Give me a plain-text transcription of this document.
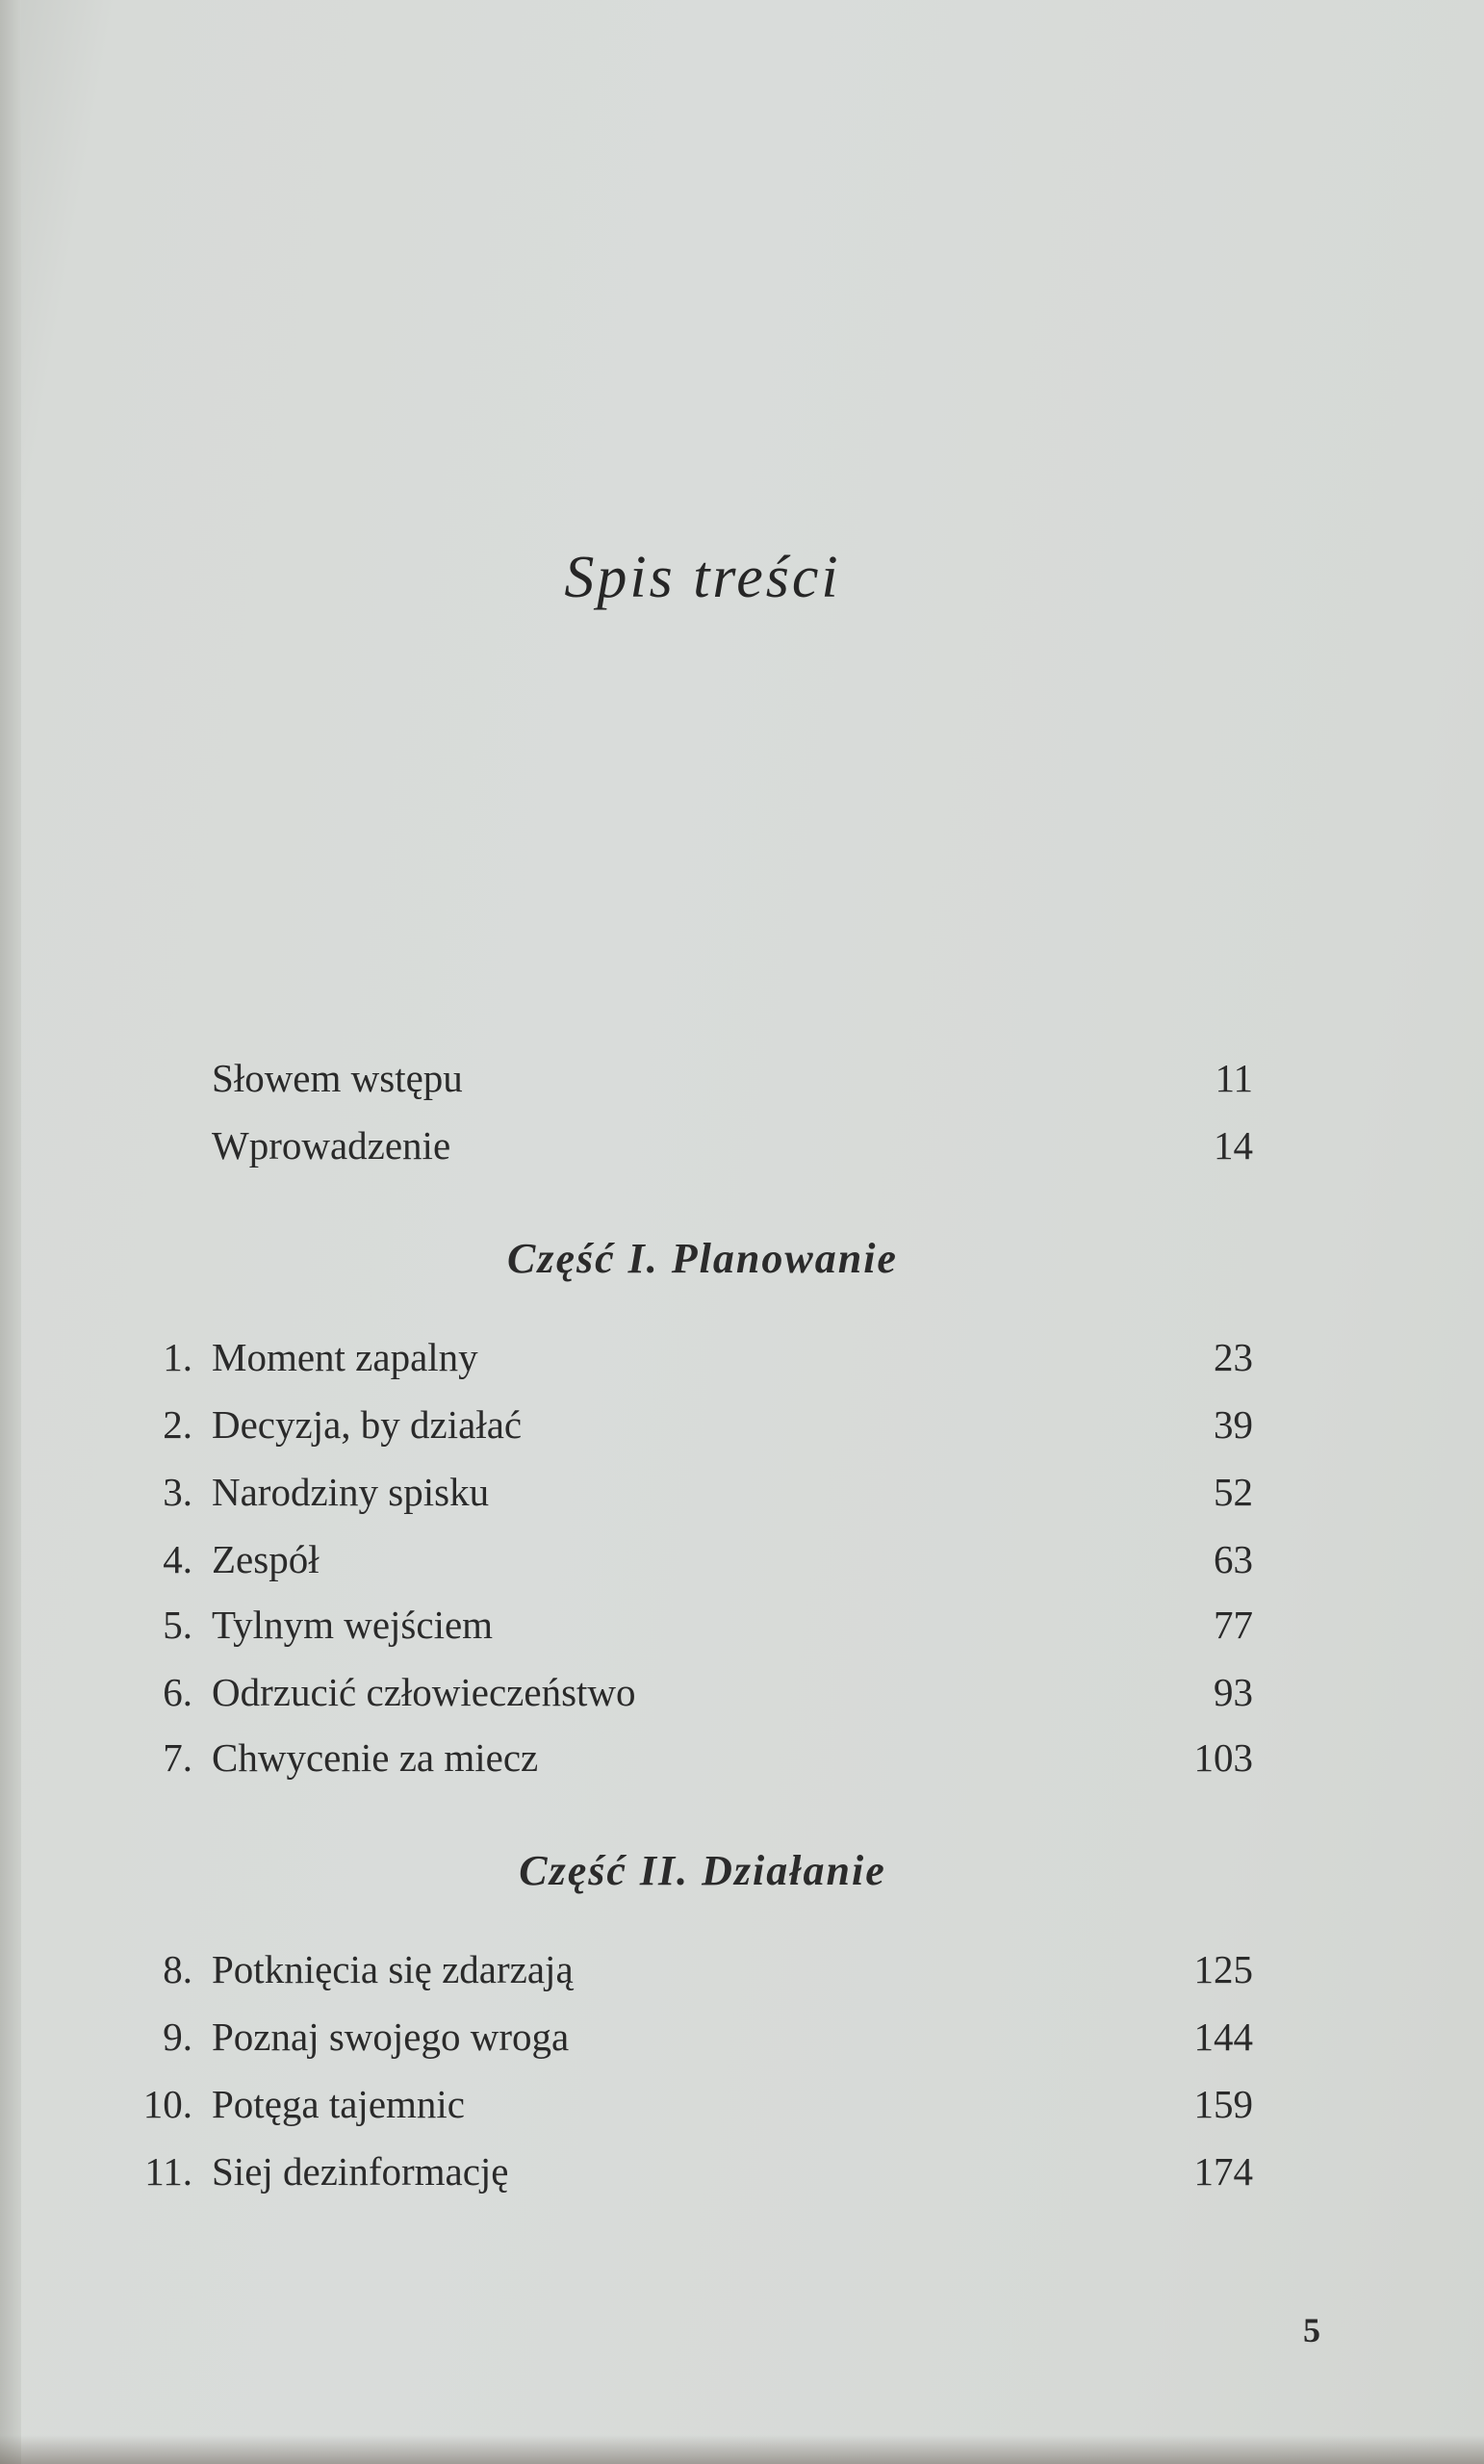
Spis treści
Słowem wstępu	11
Wprowadzenie	14
Część I. Planowanie
1. Moment zapalny	23
2. Decyzja, by działać	39
3. Narodziny spisku	52
4. Zespół	63
5. Tylnym wejściem	77
6. Odrzucić człowieczeństwo	93
7. Chwycenie za miecz	103
Część II. Działanie
8. Potknięcia się zdarzają	125
9. Poznaj swojego wroga	144
10. Potęga tajemnic	159
11. Siej dezinformację	174
5
